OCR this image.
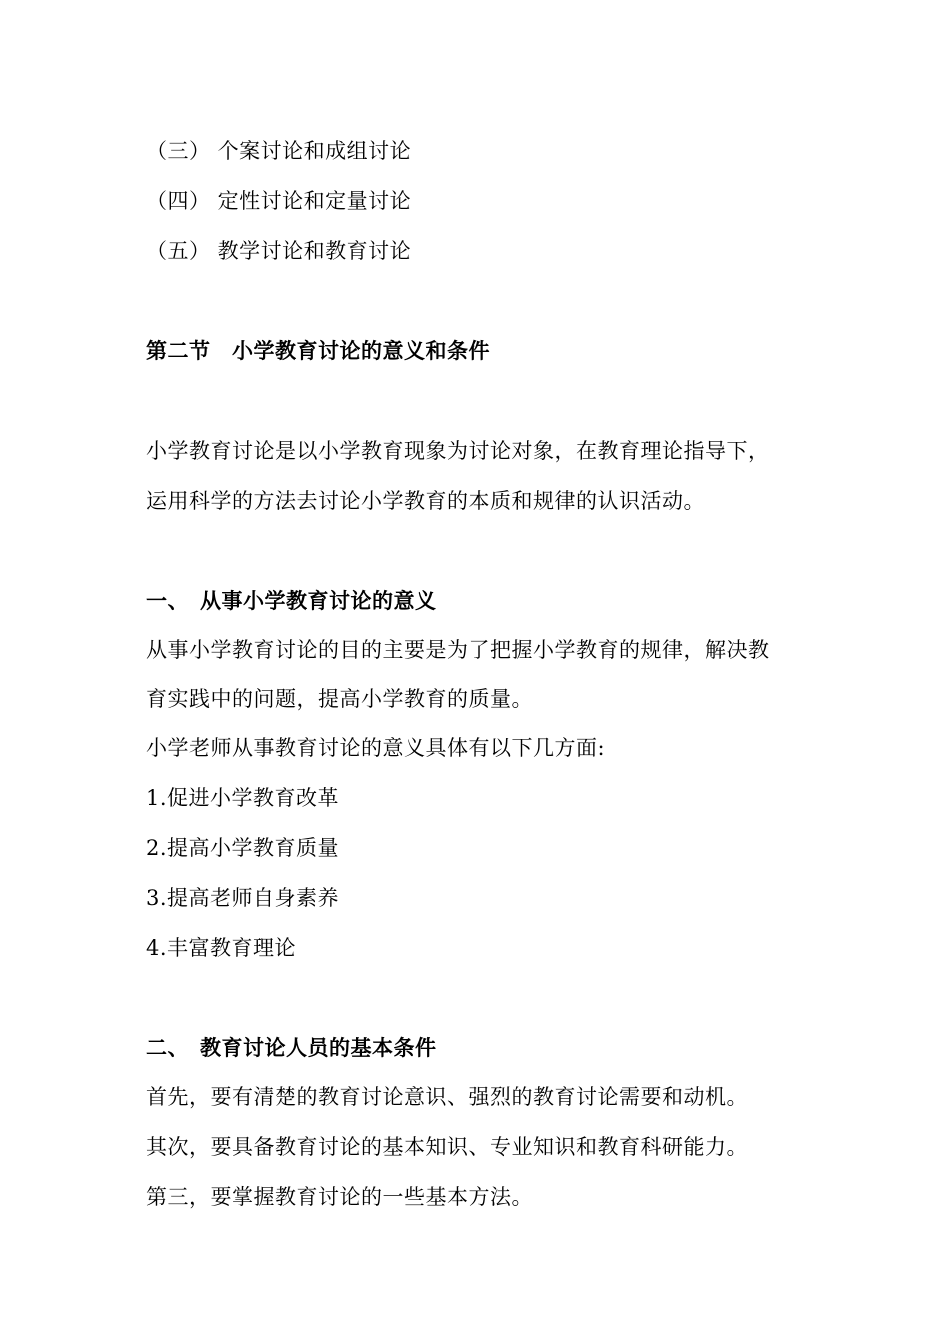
（三） 个案讨论和成组讨论
（四） 定性讨论和定量讨论
（五） 教学讨论和教育讨论
第二节　小学教育讨论的意义和条件
小学教育讨论是以小学教育现象为讨论对象，在教育理论指导下，
运用科学的方法去讨论小学教育的本质和规律的认识活动。
一、　从事小学教育讨论的意义
从事小学教育讨论的目的主要是为了把握小学教育的规律，解决教
育实践中的问题，提高小学教育的质量。
小学老师从事教育讨论的意义具体有以下几方面:
1.促进小学教育改革
2.提高小学教育质量
3.提高老师自身素养
4.丰富教育理论
二、　教育讨论人员的基本条件
首先，要有清楚的教育讨论意识、强烈的教育讨论需要和动机。
其次，要具备教育讨论的基本知识、专业知识和教育科研能力。
第三，要掌握教育讨论的一些基本方法。
